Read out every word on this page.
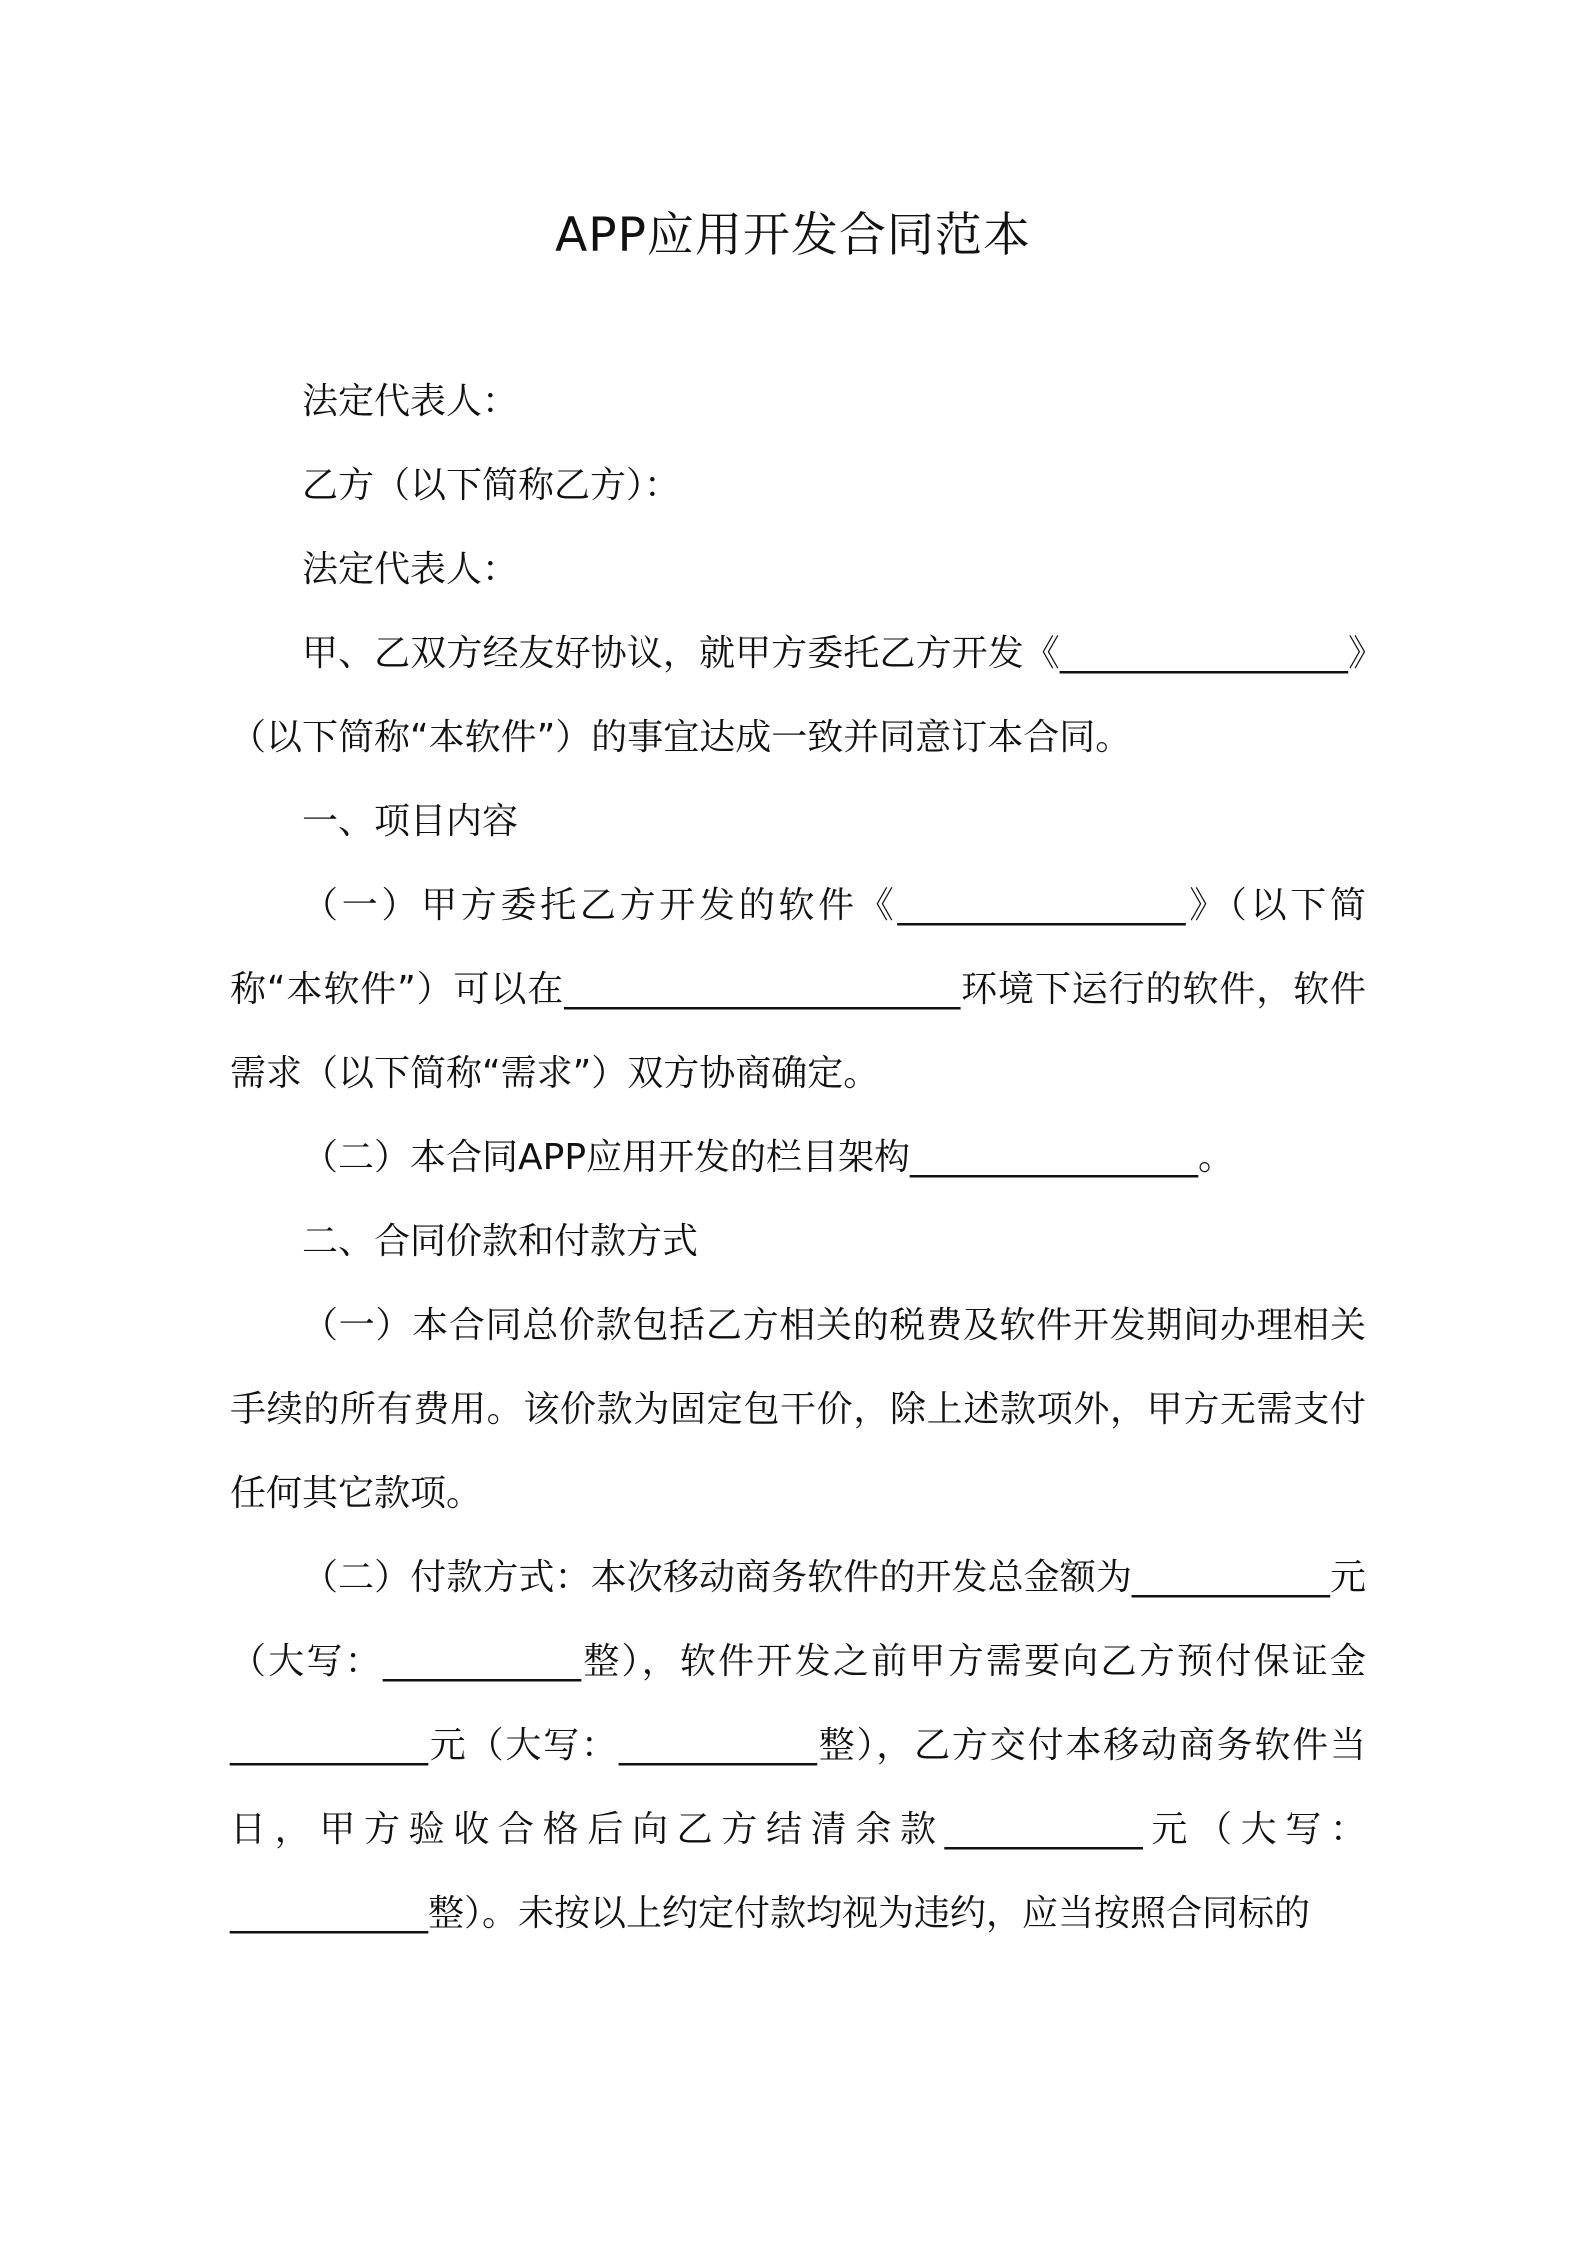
APP应用开发合同范本

法定代表人：

乙方（以下简称乙方）：

法定代表人：

甲、乙双方经友好协议，就甲方委托乙方开发《________________》（以下简称“本软件”）的事宜达成一致并同意订本合同。

一、项目内容

（一）甲方委托乙方开发的软件《________________》（以下简称“本软件”）可以在______________________环境下运行的软件，软件需求（以下简称“需求”）双方协商确定。

（二）本合同APP应用开发的栏目架构________________。

二、合同价款和付款方式

（一）本合同总价款包括乙方相关的税费及软件开发期间办理相关手续的所有费用。该价款为固定包干价，除上述款项外，甲方无需支付任何其它款项。

（二）付款方式：本次移动商务软件的开发总金额为___________元（大写：___________整），软件开发之前甲方需要向乙方预付保证金___________元（大写：___________整），乙方交付本移动商务软件当日，甲方验收合格后向乙方结清余款___________元（大写：___________整）。未按以上约定付款均视为违约，应当按照合同标的
